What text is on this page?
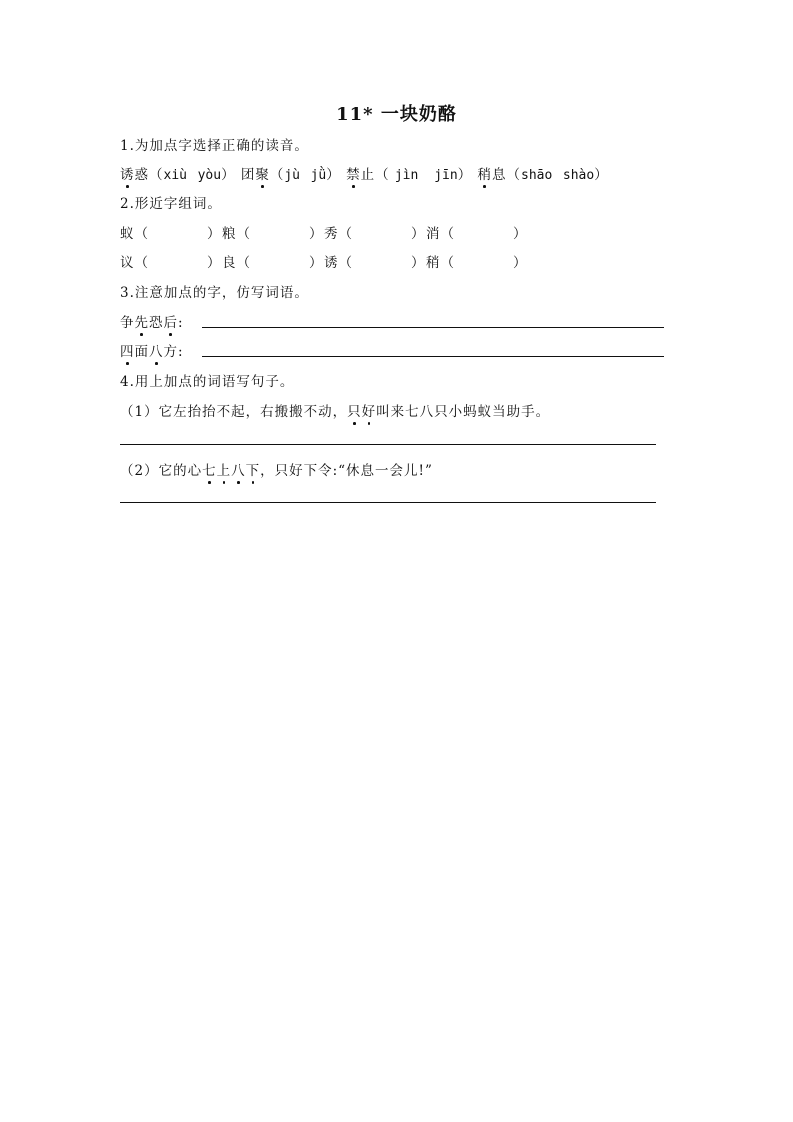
11* 一块奶酪
1.为加点字选择正确的读音。
诱惑（xiù yòu） 团聚（jù jǜ） 禁止（ jìn jīn） 稍息（shāo shào）
2.形近字组词。
蚁（	）粮（	）秀（	）消（	）
议（	）良（	）诱（	）稍（	）
3.注意加点的字，仿写词语。
争先恐后:
四面八方:
4.用上加点的词语写句子。
（1）它左抬抬不起，右搬搬不动，只好叫来七八只小蚂蚁当助手。
（2）它的心七上八下，只好下令:“休息一会儿!”
